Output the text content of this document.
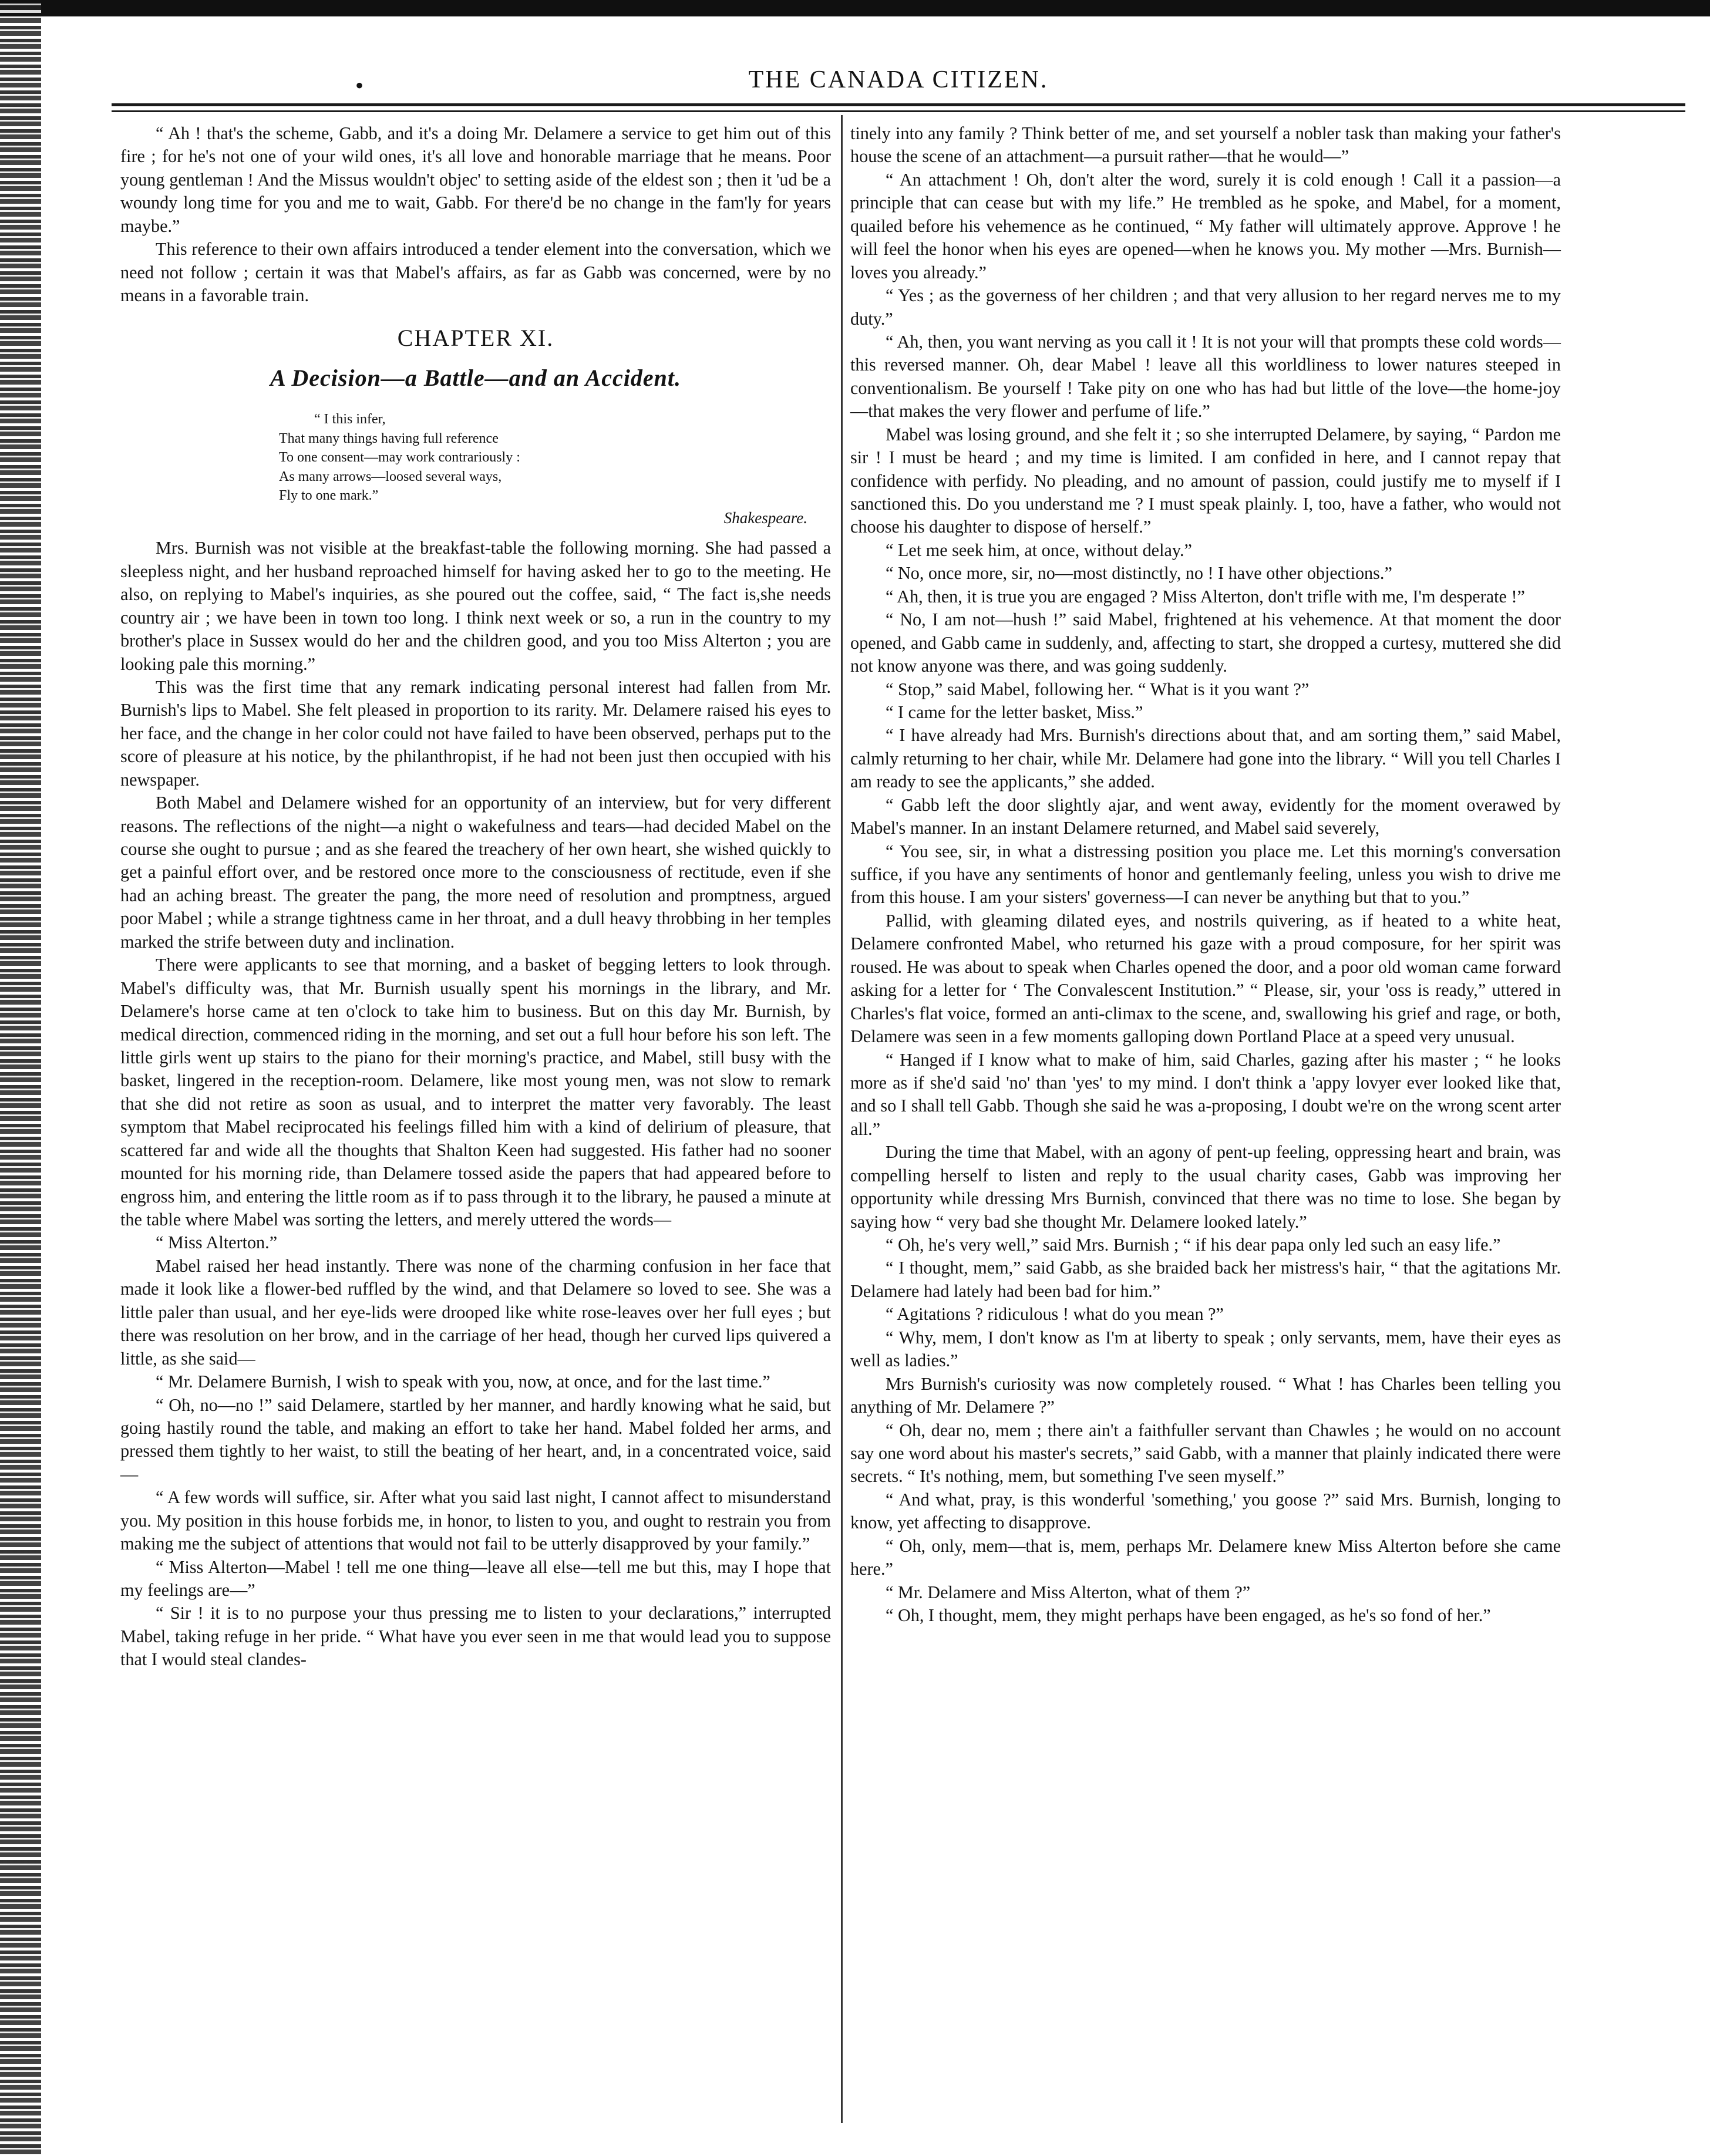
•	THE CANADA CITIZEN.

“ Ah ! that's the scheme, Gabb, and it's a doing Mr. Delamere a service to get him out of this fire ; for he's not one of your wild ones, it's all love and honorable marriage that he means. Poor young gentleman ! And the Missus wouldn't objec' to setting aside of the eldest son ; then it 'ud be a woundy long time for you and me to wait, Gabb. For there'd be no change in the fam'ly for years maybe.”

This reference to their own affairs introduced a tender element into the conversation, which we need not follow ; certain it was that Mabel's affairs, as far as Gabb was concerned, were by no means in a favorable train.

CHAPTER XI.
A Decision—a Battle—and an Accident.
“ I this infer,
That many things having full reference
To one consent—may work contrariously :
As many arrows—loosed several ways,
Fly to one mark.”
Shakespeare.

Mrs. Burnish was not visible at the breakfast-table the following morning. She had passed a sleepless night, and her husband reproached himself for having asked her to go to the meeting. He also, on replying to Mabel's inquiries, as she poured out the coffee, said, “ The fact is,she needs country air ; we have been in town too long. I think next week or so, a run in the country to my brother's place in Sussex would do her and the children good, and you too Miss Alterton ; you are looking pale this morning.”

This was the first time that any remark indicating personal interest had fallen from Mr. Burnish's lips to Mabel. She felt pleased in proportion to its rarity. Mr. Delamere raised his eyes to her face, and the change in her color could not have failed to have been observed, perhaps put to the score of pleasure at his notice, by the philanthropist, if he had not been just then occupied with his newspaper.

Both Mabel and Delamere wished for an opportunity of an interview, but for very different reasons. The reflections of the night—a night o wakefulness and tears—had decided Mabel on the course she ought to pursue ; and as she feared the treachery of her own heart, she wished quickly to get a painful effort over, and be restored once more to the consciousness of rectitude, even if she had an aching breast. The greater the pang, the more need of resolution and promptness, argued poor Mabel ; while a strange tightness came in her throat, and a dull heavy throbbing in her temples marked the strife between duty and inclination.

There were applicants to see that morning, and a basket of begging letters to look through. Mabel's difficulty was, that Mr. Burnish usually spent his mornings in the library, and Mr. Delamere's horse came at ten o'clock to take him to business. But on this day Mr. Burnish, by medical direction, commenced riding in the morning, and set out a full hour before his son left. The little girls went up stairs to the piano for their morning's practice, and Mabel, still busy with the basket, lingered in the reception-room. Delamere, like most young men, was not slow to remark that she did not retire as soon as usual, and to interpret the matter very favorably. The least symptom that Mabel reciprocated his feelings filled him with a kind of delirium of pleasure, that scattered far and wide all the thoughts that Shalton Keen had suggested. His father had no sooner mounted for his morning ride, than Delamere tossed aside the papers that had appeared before to engross him, and entering the little room as if to pass through it to the library, he paused a minute at the table where Mabel was sorting the letters, and merely uttered the words—

“ Miss Alterton.”

Mabel raised her head instantly. There was none of the charming confusion in her face that made it look like a flower-bed ruffled by the wind, and that Delamere so loved to see. She was a little paler than usual, and her eye-lids were drooped like white rose-leaves over her full eyes ; but there was resolution on her brow, and in the carriage of her head, though her curved lips quivered a little, as she said—

“ Mr. Delamere Burnish, I wish to speak with you, now, at once, and for the last time.”

“ Oh, no—no !” said Delamere, startled by her manner, and hardly knowing what he said, but going hastily round the table, and making an effort to take her hand. Mabel folded her arms, and pressed them tightly to her waist, to still the beating of her heart, and, in a concentrated voice, said—

“ A few words will suffice, sir. After what you said last night, I cannot affect to misunderstand you. My position in this house forbids me, in honor, to listen to you, and ought to restrain you from making me the subject of attentions that would not fail to be utterly disapproved by your family.”

“ Miss Alterton—Mabel ! tell me one thing—leave all else—tell me but this, may I hope that my feelings are—”

“ Sir ! it is to no purpose your thus pressing me to listen to your declarations,” interrupted Mabel, taking refuge in her pride. “ What have you ever seen in me that would lead you to suppose that I would steal clandes-

tinely into any family ? Think better of me, and set yourself a nobler task than making your father's house the scene of an attachment—a pursuit rather—that he would—”

“ An attachment ! Oh, don't alter the word, surely it is cold enough ! Call it a passion—a principle that can cease but with my life.” He trembled as he spoke, and Mabel, for a moment, quailed before his vehemence as he continued, “ My father will ultimately approve. Approve ! he will feel the honor when his eyes are opened—when he knows you. My mother —Mrs. Burnish—loves you already.”

“ Yes ; as the governess of her children ; and that very allusion to her regard nerves me to my duty.”

“ Ah, then, you want nerving as you call it ! It is not your will that prompts these cold words—this reversed manner. Oh, dear Mabel ! leave all this worldliness to lower natures steeped in conventionalism. Be yourself ! Take pity on one who has had but little of the love—the home-joy —that makes the very flower and perfume of life.”

Mabel was losing ground, and she felt it ; so she interrupted Delamere, by saying, “ Pardon me sir ! I must be heard ; and my time is limited. I am confided in here, and I cannot repay that confidence with perfidy. No pleading, and no amount of passion, could justify me to myself if I sanctioned this. Do you understand me ? I must speak plainly. I, too, have a father, who would not choose his daughter to dispose of herself.”

“ Let me seek him, at once, without delay.”

“ No, once more, sir, no—most distinctly, no ! I have other objections.”

“ Ah, then, it is true you are engaged ? Miss Alterton, don't trifle with me, I'm desperate !”

“ No, I am not—hush !” said Mabel, frightened at his vehemence. At that moment the door opened, and Gabb came in suddenly, and, affecting to start, she dropped a curtesy, muttered she did not know anyone was there, and was going suddenly.

“ Stop,” said Mabel, following her. “ What is it you want ?”

“ I came for the letter basket, Miss.”

“ I have already had Mrs. Burnish's directions about that, and am sorting them,” said Mabel, calmly returning to her chair, while Mr. Delamere had gone into the library. “ Will you tell Charles I am ready to see the applicants,” she added.

“ Gabb left the door slightly ajar, and went away, evidently for the moment overawed by Mabel's manner. In an instant Delamere returned, and Mabel said severely,

“ You see, sir, in what a distressing position you place me. Let this morning's conversation suffice, if you have any sentiments of honor and gentlemanly feeling, unless you wish to drive me from this house. I am your sisters' governess—I can never be anything but that to you.”

Pallid, with gleaming dilated eyes, and nostrils quivering, as if heated to a white heat, Delamere confronted Mabel, who returned his gaze with a proud composure, for her spirit was roused. He was about to speak when Charles opened the door, and a poor old woman came forward asking for a letter for ‘ The Convalescent Institution.” “ Please, sir, your 'oss is ready,” uttered in Charles's flat voice, formed an anti-climax to the scene, and, swallowing his grief and rage, or both, Delamere was seen in a few moments galloping down Portland Place at a speed very unusual.

“ Hanged if I know what to make of him, said Charles, gazing after his master ; “ he looks more as if she'd said 'no' than 'yes' to my mind. I don't think a 'appy lovyer ever looked like that, and so I shall tell Gabb. Though she said he was a-proposing, I doubt we're on the wrong scent arter all.”

During the time that Mabel, with an agony of pent-up feeling, oppressing heart and brain, was compelling herself to listen and reply to the usual charity cases, Gabb was improving her opportunity while dressing Mrs Burnish, convinced that there was no time to lose. She began by saying how “ very bad she thought Mr. Delamere looked lately.”

“ Oh, he's very well,” said Mrs. Burnish ; “ if his dear papa only led such an easy life.”

“ I thought, mem,” said Gabb, as she braided back her mistress's hair, “ that the agitations Mr. Delamere had lately had been bad for him.”

“ Agitations ? ridiculous ! what do you mean ?”

“ Why, mem, I don't know as I'm at liberty to speak ; only servants, mem, have their eyes as well as ladies.”

Mrs Burnish's curiosity was now completely roused. “ What ! has Charles been telling you anything of Mr. Delamere ?”

“ Oh, dear no, mem ; there ain't a faithfuller servant than Chawles ; he would on no account say one word about his master's secrets,” said Gabb, with a manner that plainly indicated there were secrets. “ It's nothing, mem, but something I've seen myself.”

“ And what, pray, is this wonderful 'something,' you goose ?” said Mrs. Burnish, longing to know, yet affecting to disapprove.

“ Oh, only, mem—that is, mem, perhaps Mr. Delamere knew Miss Alterton before she came here.”

“ Mr. Delamere and Miss Alterton, what of them ?”

“ Oh, I thought, mem, they might perhaps have been engaged, as he's so fond of her.”
